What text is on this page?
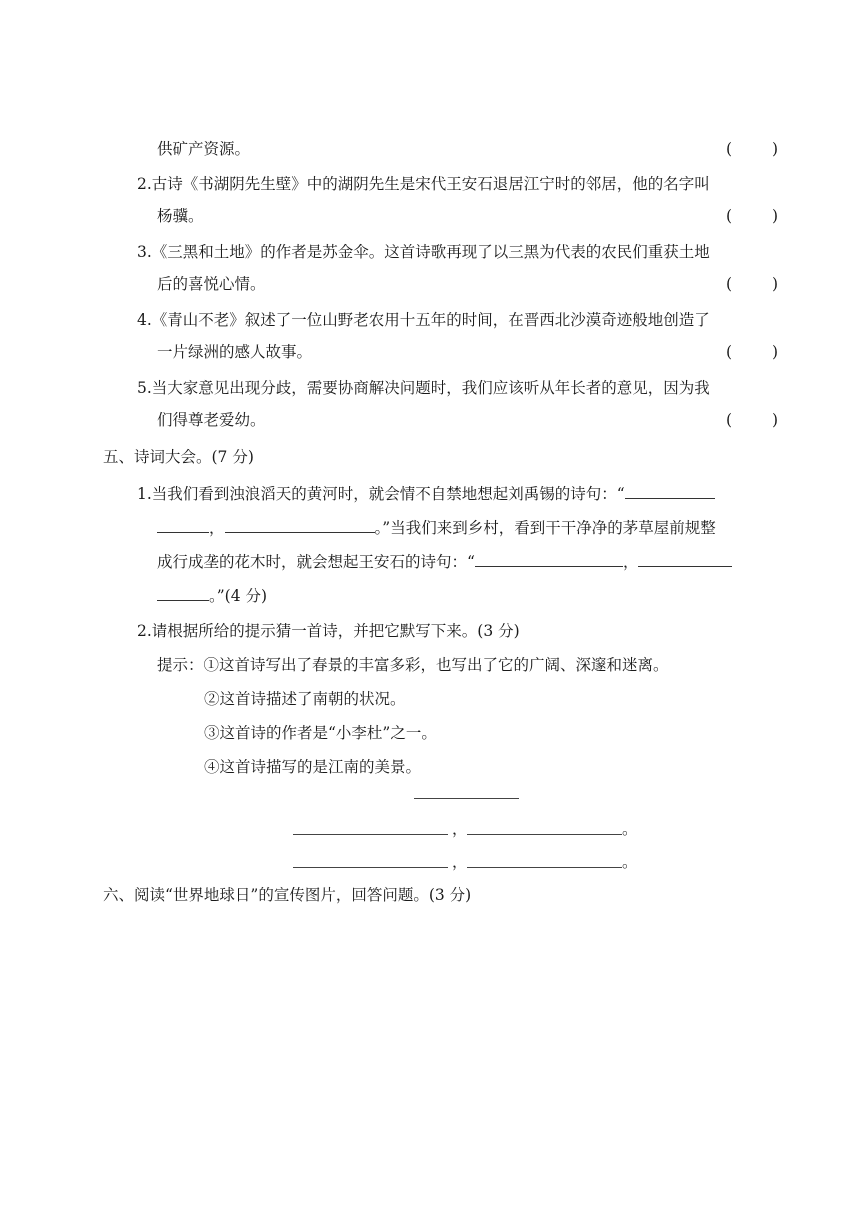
供矿产资源。	(	)
2.古诗《书湖阴先生壁》中的湖阴先生是宋代王安石退居江宁时的邻居，他的名字叫
杨骥。	(	)
3.《三黑和土地》的作者是苏金伞。这首诗歌再现了以三黑为代表的农民们重获土地
后的喜悦心情。	(	)
4.《青山不老》叙述了一位山野老农用十五年的时间，在晋西北沙漠奇迹般地创造了
一片绿洲的感人故事。	(	)
5.当大家意见出现分歧，需要协商解决问题时，我们应该听从年长者的意见，因为我
们得尊老爱幼。	(	)
五、诗词大会。(7 分)
1.当我们看到浊浪滔天的黄河时，就会情不自禁地想起刘禹锡的诗句：“
，	。”当我们来到乡村，看到干干净净的茅草屋前规整
成行成垄的花木时，就会想起王安石的诗句：“	，
。”(4 分)
2.请根据所给的提示猜一首诗，并把它默写下来。(3 分)
提示：①这首诗写出了春景的丰富多彩，也写出了它的广阔、深邃和迷离。
②这首诗描述了南朝的状况。
③这首诗的作者是“小李杜”之一。
④这首诗描写的是江南的美景。
，	。
，	。
六、阅读“世界地球日”的宣传图片，回答问题。(3 分)
